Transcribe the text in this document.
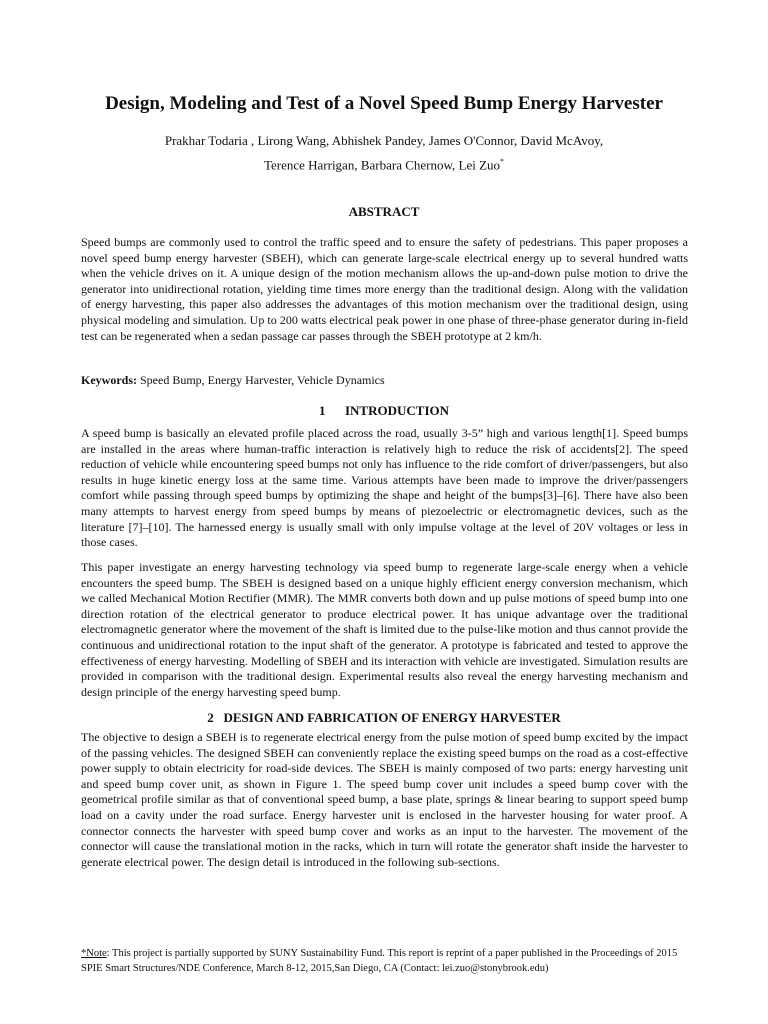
Design, Modeling and Test of a Novel Speed Bump Energy Harvester
Prakhar Todaria , Lirong Wang, Abhishek Pandey, James O'Connor, David McAvoy,
Terence Harrigan, Barbara Chernow, Lei Zuo*
ABSTRACT

Speed bumps are commonly used to control the traffic speed and to ensure the safety of pedestrians. This paper proposes a novel speed bump energy harvester (SBEH), which can generate large-scale electrical energy up to several hundred watts when the vehicle drives on it. A unique design of the motion mechanism allows the up-and-down pulse motion to drive the generator into unidirectional rotation, yielding time times more energy than the traditional design. Along with the validation of energy harvesting, this paper also addresses the advantages of this motion mechanism over the traditional design, using physical modeling and simulation. Up to 200 watts electrical peak power in one phase of three-phase generator during in-field test can be regenerated when a sedan passage car passes through the SBEH prototype at 2 km/h.

Keywords: Speed Bump, Energy Harvester, Vehicle Dynamics
1      INTRODUCTION

A speed bump is basically an elevated profile placed across the road, usually 3-5” high and various length[1]. Speed bumps are installed in the areas where human-traffic interaction is relatively high to reduce the risk of accidents[2]. The speed reduction of vehicle while encountering speed bumps not only has influence to the ride comfort of driver/passengers, but also results in huge kinetic energy loss at the same time. Various attempts have been made to improve the driver/passengers comfort while passing through speed bumps by optimizing the shape and height of the bumps[3]–[6]. There have also been many attempts to harvest energy from speed bumps by means of piezoelectric or electromagnetic devices, such as the literature [7]–[10]. The harnessed energy is usually small with only impulse voltage at the level of 20V voltages or less in those cases.

This paper investigate an energy harvesting technology via speed bump to regenerate large-scale energy when a vehicle encounters the speed bump. The SBEH is designed based on a unique highly efficient energy conversion mechanism, which we called Mechanical Motion Rectifier (MMR). The MMR converts both down and up pulse motions of speed bump into one direction rotation of the electrical generator to produce electrical power. It has unique advantage over the traditional electromagnetic generator where the movement of the shaft is limited due to the pulse-like motion and thus cannot provide the continuous and unidirectional rotation to the input shaft of the generator. A prototype is fabricated and tested to approve the effectiveness of energy harvesting. Modelling of SBEH and its interaction with vehicle are investigated. Simulation results are provided in comparison with the traditional design. Experimental results also reveal the energy harvesting mechanism and design principle of the energy harvesting speed bump.

2   DESIGN AND FABRICATION OF ENERGY HARVESTER

The objective to design a SBEH is to regenerate electrical energy from the pulse motion of speed bump excited by the impact of the passing vehicles. The designed SBEH can conveniently replace the existing speed bumps on the road as a cost-effective power supply to obtain electricity for road-side devices. The SBEH is mainly composed of two parts: energy harvesting unit and speed bump cover unit, as shown in Figure 1. The speed bump cover unit includes a speed bump cover with the geometrical profile similar as that of conventional speed bump, a base plate, springs & linear bearing to support speed bump load on a cavity under the road surface. Energy harvester unit is enclosed in the harvester housing for water proof. A connector connects the harvester with speed bump cover and works as an input to the harvester. The movement of the connector will cause the translational motion in the racks, which in turn will rotate the generator shaft inside the harvester to generate electrical power. The design detail is introduced in the following sub-sections.

*Note: This project is partially supported by SUNY Sustainability Fund. This report is reprint of a paper published in the Proceedings of 2015 SPIE Smart Structures/NDE Conference, March 8-12, 2015,San Diego, CA (Contact: lei.zuo@stonybrook.edu)
